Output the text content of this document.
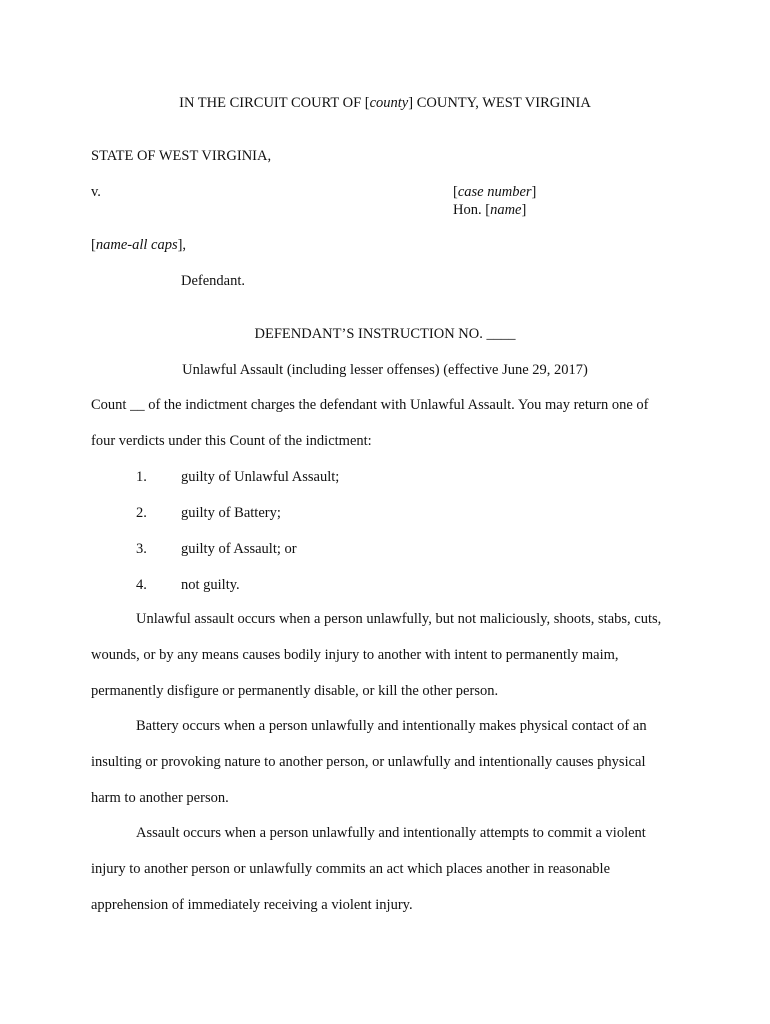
IN THE CIRCUIT COURT OF [county] COUNTY, WEST VIRGINIA
STATE OF WEST VIRGINIA,
v.	[case number]
Hon. [name]
[name-all caps],
Defendant.
DEFENDANT’S INSTRUCTION NO. ____
Unlawful Assault (including lesser offenses) (effective June 29, 2017)
Count __ of the indictment charges the defendant with Unlawful Assault. You may return one of four verdicts under this Count of the indictment:
1. guilty of Unlawful Assault;
2. guilty of Battery;
3. guilty of Assault; or
4. not guilty.
Unlawful assault occurs when a person unlawfully, but not maliciously, shoots, stabs, cuts, wounds, or by any means causes bodily injury to another with intent to permanently maim, permanently disfigure or permanently disable, or kill the other person.
Battery occurs when a person unlawfully and intentionally makes physical contact of an insulting or provoking nature to another person, or unlawfully and intentionally causes physical harm to another person.
Assault occurs when a person unlawfully and intentionally attempts to commit a violent injury to another person or unlawfully commits an act which places another in reasonable apprehension of immediately receiving a violent injury.
